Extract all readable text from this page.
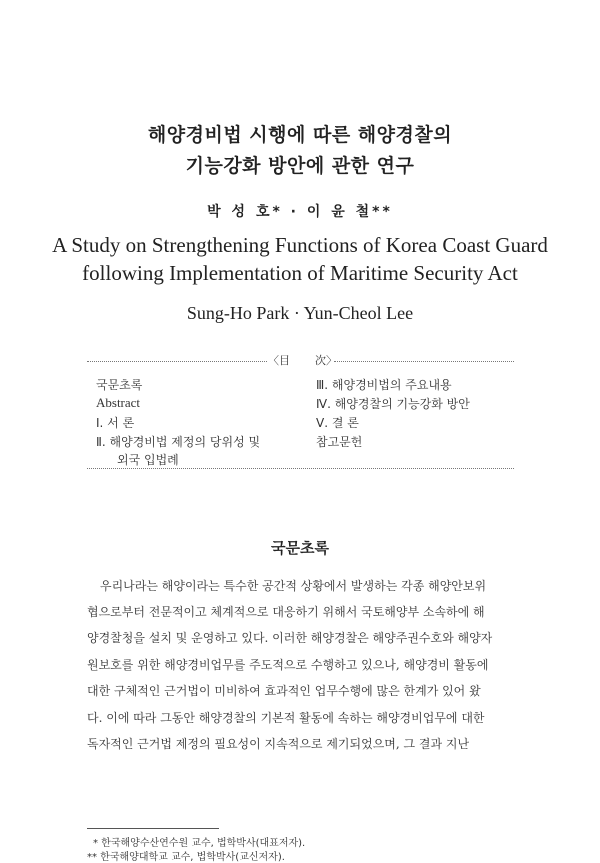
해양경비법 시행에 따른 해양경찰의
기능강화 방안에 관한 연구
박 성 호* · 이 윤 철**
A Study on Strengthening Functions of Korea Coast Guard
following Implementation of Maritime Security Act
Sung-Ho Park · Yun-Cheol Lee
〈目 次〉
국문초록
Abstract
Ⅰ. 서 론
Ⅱ. 해양경비법 제정의 당위성 및
외국 입법례
Ⅲ. 해양경비법의 주요내용
Ⅳ. 해양경찰의 기능강화 방안
Ⅴ. 결 론
참고문헌
국문초록
우리나라는 해양이라는 특수한 공간적 상황에서 발생하는 각종 해양안보위
협으로부터 전문적이고 체계적으로 대응하기 위해서 국토해양부 소속하에 해
양경찰청을 설치 및 운영하고 있다. 이러한 해양경찰은 해양주권수호와 해양자
원보호를 위한 해양경비업무를 주도적으로 수행하고 있으나, 해양경비 활동에
대한 구체적인 근거법이 미비하여 효과적인 업무수행에 많은 한계가 있어 왔
다. 이에 따라 그동안 해양경찰의 기본적 활동에 속하는 해양경비업무에 대한
독자적인 근거법 제정의 필요성이 지속적으로 제기되었으며, 그 결과 지난
* 한국해양수산연수원 교수, 법학박사(대표저자).
** 한국해양대학교 교수, 법학박사(교신저자).
